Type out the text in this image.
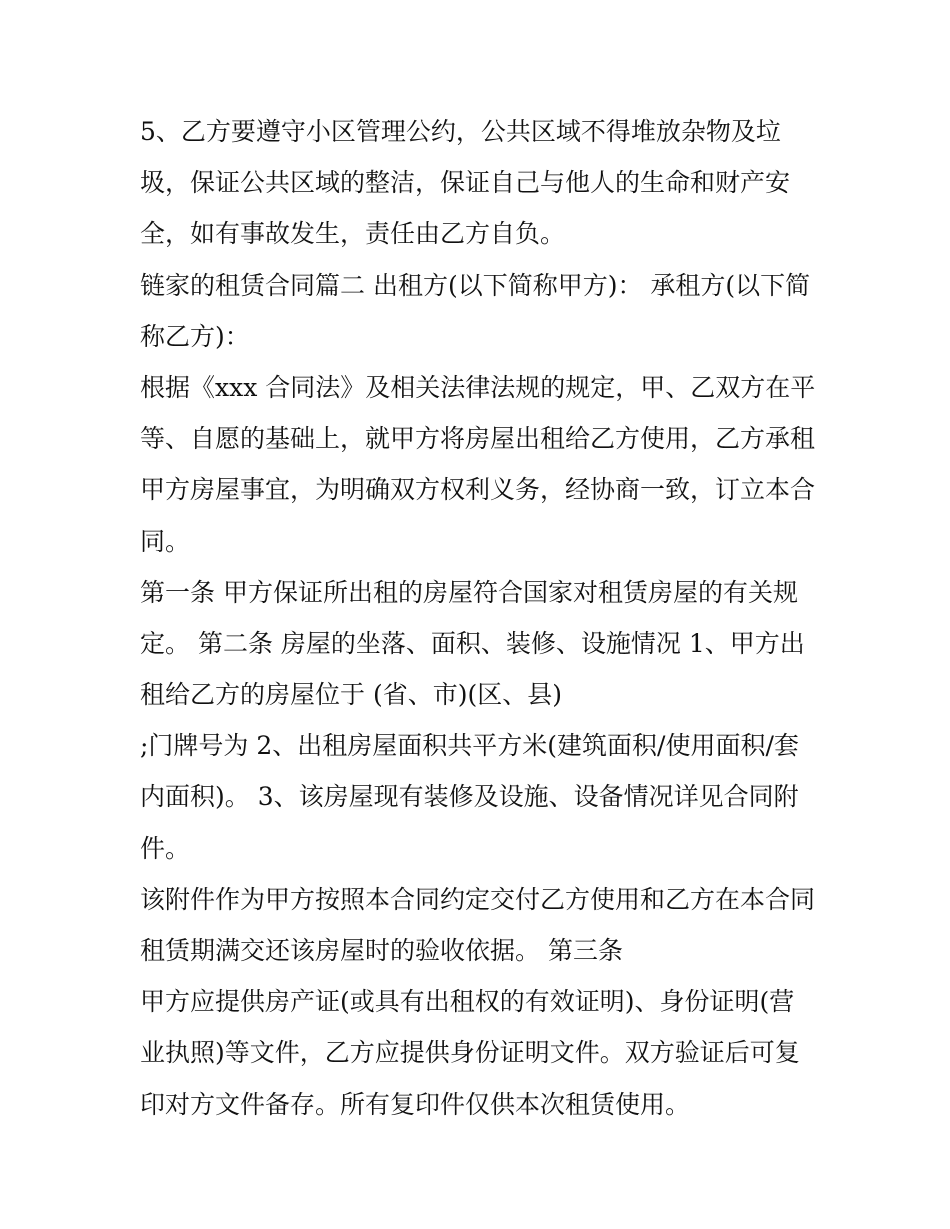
5、乙方要遵守小区管理公约，公共区域不得堆放杂物及垃
圾，保证公共区域的整洁，保证自己与他人的生命和财产安
全，如有事故发生，责任由乙方自负。
链家的租赁合同篇二 出租方(以下简称甲方)： 承租方(以下简
称乙方)：
根据《xxx 合同法》及相关法律法规的规定，甲、乙双方在平
等、自愿的基础上，就甲方将房屋出租给乙方使用，乙方承租
甲方房屋事宜，为明确双方权利义务，经协商一致，订立本合
同。
第一条 甲方保证所出租的房屋符合国家对租赁房屋的有关规
定。 第二条 房屋的坐落、面积、装修、设施情况 1、甲方出
租给乙方的房屋位于 (省、市)(区、县)
;门牌号为 2、出租房屋面积共平方米(建筑面积/使用面积/套
内面积)。 3、该房屋现有装修及设施、设备情况详见合同附
件。
该附件作为甲方按照本合同约定交付乙方使用和乙方在本合同
租赁期满交还该房屋时的验收依据。 第三条
甲方应提供房产证(或具有出租权的有效证明)、身份证明(营
业执照)等文件，乙方应提供身份证明文件。双方验证后可复
印对方文件备存。所有复印件仅供本次租赁使用。
